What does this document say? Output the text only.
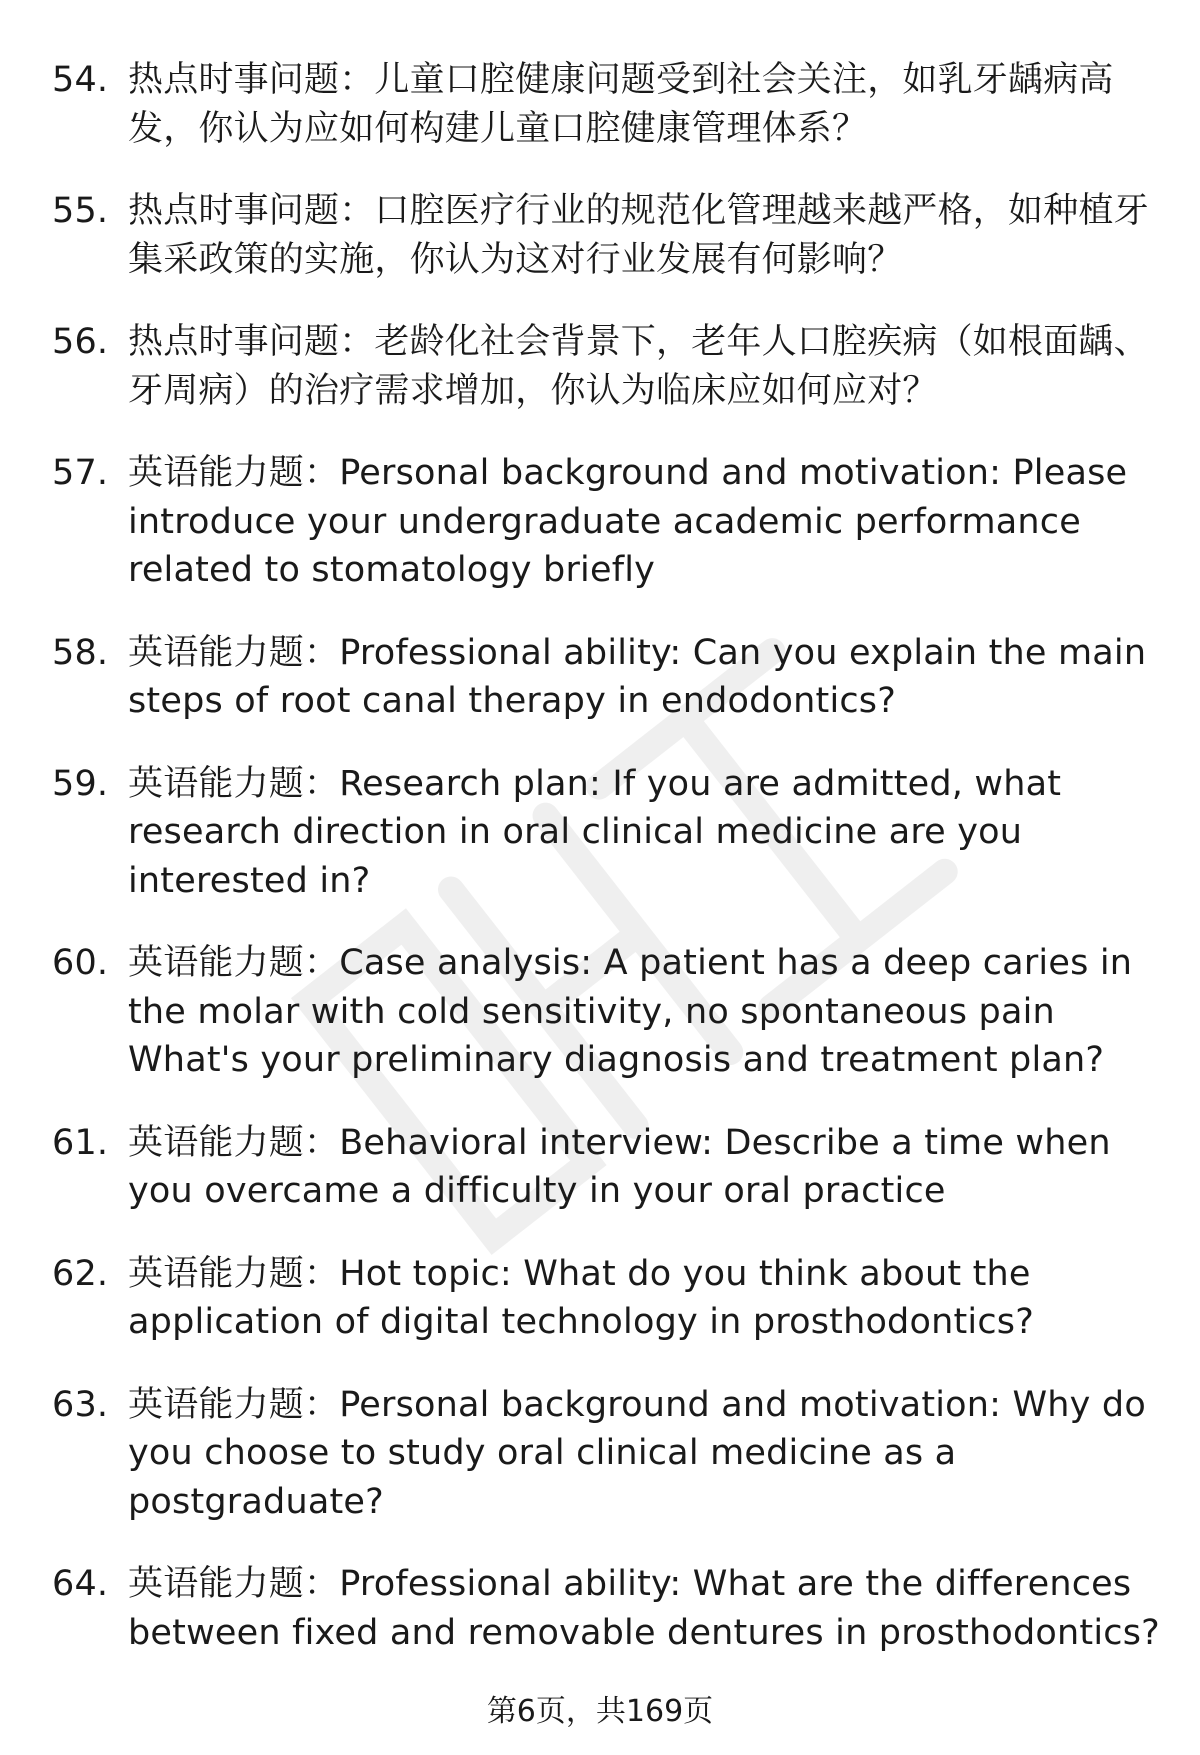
54. 热点时事问题：儿童口腔健康问题受到社会关注，如乳牙龋病高发，你认为应如何构建儿童口腔健康管理体系？
55. 热点时事问题：口腔医疗行业的规范化管理越来越严格，如种植牙集采政策的实施，你认为这对行业发展有何影响？
56. 热点时事问题：老龄化社会背景下，老年人口腔疾病（如根面龋、牙周病）的治疗需求增加，你认为临床应如何应对？
57. 英语能力题：Personal background and motivation: Please introduce your undergraduate academic performance related to stomatology briefly
58. 英语能力题：Professional ability: Can you explain the main steps of root canal therapy in endodontics?
59. 英语能力题：Research plan: If you are admitted, what research direction in oral clinical medicine are you interested in?
60. 英语能力题：Case analysis: A patient has a deep caries in the molar with cold sensitivity, no spontaneous pain What's your preliminary diagnosis and treatment plan?
61. 英语能力题：Behavioral interview: Describe a time when you overcame a difficulty in your oral practice
62. 英语能力题：Hot topic: What do you think about the application of digital technology in prosthodontics?
63. 英语能力题：Personal background and motivation: Why do you choose to study oral clinical medicine as a postgraduate?
64. 英语能力题：Professional ability: What are the differences between fixed and removable dentures in prosthodontics?
第6页，共169页
